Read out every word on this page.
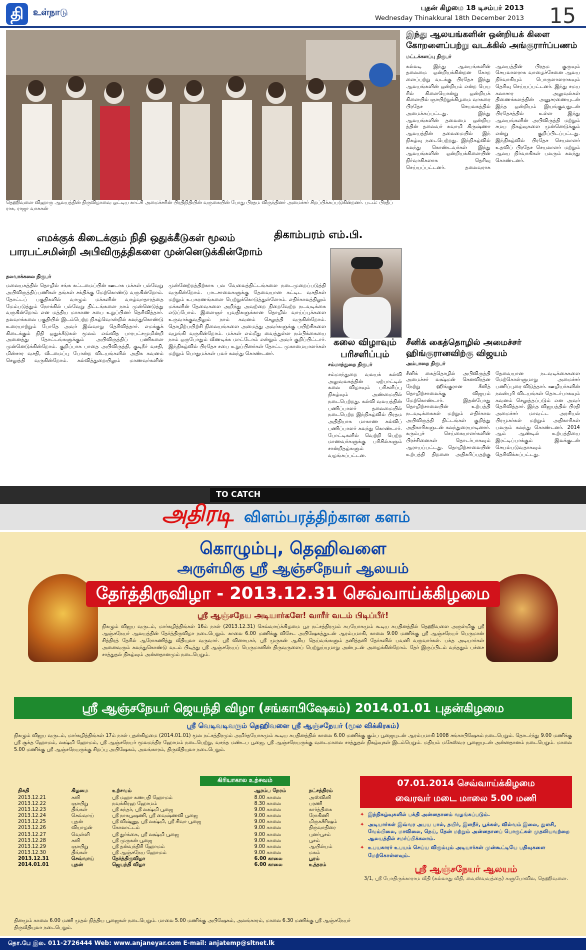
தி	உள்நாடு	புதன் கிழமை 18 டிசம்பர் 2013
Wednesday Thinakkural 18th December 2013 15
தெஹிவளை விஹாரு ஆலயத்தின் திருவிழாவை ஓட்டிய காட்சி அமைச்சரின் பிரதிநிதியின் வருகையின் போது பிரதம விருந்தினர் அமைச்சர் சிறப்பிக்கப்படுகின்றனர். படம்: பிரதீப் ராசு, ராஜா வாசுகன்
இந்து ஆலயங்களின் ஒன்றியக் கிளை கோறளைப்பற்று வடக்கில் அங்குரார்ப்பணம்
மட்டக்களப்பு நிருபர்
கல்லடி இந்து ஆலயங்களின் தலைமை ஒன்றியக்கின்றன கோற ளைப்பற்று வடக்கு பிரதேச இந்து ஆலயங்களின் ஒன்றியம் என்ற பெய ரில் கிளையொன்று ஒன்றியக் கிளையில் ஞாயிற்றுக்கிழமை வாகரை பிரதேச செயலகத்தில் அமைக்கப்பட்டது. இந்து ஆலயங்களின் தலைமை ஒன்றிய த்தின் தலைவர் சுவாமி கிருஷ்ணா ஆலயத்தின் தலைமையில் இந் நிகழ்வு நடைபெற்றது. இந்நிகழ்வில் கலந்து கொண்டவர்கள் இந்து ஆலயங்களின் ஒன்றியக்கிளையின் நிர்வாகிகளாக தெரிவு செய்யப்பட்டனர். தலைவராக ஆலயத்தின் பிரதம குருவும் செயலாளராக வாழைச்சேனை ஆலய நிர்வாகியும் பொருளாளராகவும் தெரிவு செய்யப்பட்டனர். இந்து சமய கலாசார அலுவல்கள் திணைக்களத்தின் அனுசரணையுடன் இந்த ஒன்றியம் இயங்குவதுடன் பிரதேசத்தில் உள்ள இந்து ஆலயங்களின் அபிவிருத்தி மற்றும் சமய நிகழ்வுகளை முன்னெடுக்கும் என்று குறிப்பிடப்பட்டது. இந்நிகழ்வில் பிரதேச செயலாளர் உதவிப் பிரதேச செயலாளர் மற்றும் ஆலய நிர்வாகிகள் பலரும் கலந்து கொண்டனர்.
எமக்குக் கிடைக்கும் நிதி ஒதுக்கீடுகள் மூலம் பாரபட்சமின்றி அபிவிருத்திகளை முன்னெடுக்கின்றோம்
திகாம்பரம் எம்.பி.
தலவாக்கலை நிருபர்
மலையகத்தில் தொழில் சங்க கட்டமைப்பின் ஊடாக மக்கள் பல்வேறு அபிவிருத்திப்பணிகள் தங்கள் சக்திக்கு மேற்கொண்டு வருகின்றோம். தோட்டப் பகுதிகளில் வாழும் மக்களின் வாழ்வாதாரத்தை மேம்படுத்தும் நோக்கில் பல்வேறு திட்டங்களை நாம் முன்னெடுத்து வருகின்றோம் என மத்திய மாகாண சபை உறுப்பினர் தெரிவித்தார். தலவாக்கலை பகுதியில் இடம்பெற்ற நிகழ்வொன்றில் கலந்துகொண்டு உரையாற்றும் போதே அவர் இவ்வாறு தெரிவித்தார். எமக்குக் கிடைக்கும் நிதி ஒதுக்கீடுகள் மூலம் எவ்வித பாரபட்சமுமின்றி அனைத்து தோட்டங்களுக்கும் அபிவிருத்திப் பணிகளை முன்னெடுக்கின்றோம். குறிப்பாக பாதை அபிவிருத்தி, குடிநீர் வசதி, மின்சார வசதி, வீடமைப்பு போன்ற விடயங்களில் அதிக கவனம் செலுத்தி வருகின்றோம். கல்வித்துறையிலும் மாணவர்களின் முன்னேற்றத்திற்காக பல வேலைத்திட்டங்களை நடைமுறைப்படுத்தி வருகின்றோம். பாடசாலைகளுக்கு தேவையான கட்டிட வசதிகள் மற்றும் உபகரணங்களை பெற்றுக்கொடுத்துள்ளோம். எதிர்காலத்திலும் மக்களின் தேவைகளை அறிந்து அவற்றை நிறைவேற்ற நடவடிக்கை எடுப்போம். இளைஞர் யுவதிகளுக்கான தொழில் வாய்ப்புக்களை உருவாக்குவதிலும் நாம் கவனம் செலுத்தி வருகின்றோம். தொழிற்பயிற்சி நிலையங்களை அமைத்து அவர்களுக்கு பயிற்சிகளை வழங்கி வருகின்றோம். மக்கள் எம்மீது வைத்துள்ள நம்பிக்கையை நாம் ஒருபோதும் வீணடிக்க மாட்டோம் என்றும் அவர் குறிப்பிட்டார். இந்நிகழ்வில் பிரதேச சபை உறுப்பினர்கள் தோட்ட முகாமையாளர்கள் மற்றும் பொதுமக்கள் பலர் கலந்து கொண்டனர்.
கலை விழாவும் பரிசளிப்பும்
சம்மாந்துறை நிருபர்
சம்மாந்துறை வலயக் கல்வி அலுவலகத்தின் ஏற்பாட்டில் கலை விழாவும் பரிசளிப்பு நிகழ்வும் அண்மையில் நடைபெற்றது. கல்வி வலயத்தின் பணிப்பாளர் தலைமையில் நடைபெற்ற இந்நிகழ்வில் பிரதம அதிதியாக மாகாண கல்விப் பணிப்பாளர் கலந்து கொண்டார். போட்டிகளில் வெற்றி பெற்ற மாணவர்களுக்கு பரிசில்களும் சான்றிதழ்களும் வழங்கப்பட்டன.
சீனிக் கைத்தொழில் அமைச்சர் ஹிங்குரானவிற்கு விஜயம்
அம்பாறை நிருபர்
சீனிக் கைத்தொழில் அபிவிருத்தி அமைச்சர் லக்ஷ்மன் செனவிரத்ன நேற்று ஹிங்குரான சீனித் தொழிற்சாலைக்கு விஜயம் மேற்கொண்டார். இதன்போது தொழிற்சாலையின் உற்பத்தி நடவடிக்கைகள் மற்றும் எதிர்கால அபிவிருத்தி திட்டங்கள் குறித்து அதிகாரிகளுடன் கலந்துரையாடினார். கரும்புச் செய்கையாளர்களின் பிரச்சினைகள் தொடர்பாகவும் ஆராயப்பட்டது. தொழிற்சாலையின் உற்பத்தி திறனை அதிகரிப்பதற்கு தேவையான நடவடிக்கைகளை மேற்கொள்ளுமாறு அமைச்சர் பணிப்புரை விடுத்தார். ஊழியர்களின் நலன்புரி விடயங்கள் தொடர்பாகவும் கவனம் செலுத்தப்படும் என அவர் தெரிவித்தார். இந்த விஜயத்தில் பிரதி அமைச்சர் மாவட்ட அரசியல் பிரமுகர்கள் மற்றும் அதிகாரிகள் பலரும் கலந்து கொண்டனர். 2014 ஆம் ஆண்டில் உற்பத்தியை இரட்டிப்பாக்கும் இலக்குடன் செயல்படுவதாகவும் தெரிவிக்கப்பட்டது.
TO CATCH
அதிரடி விளம்பரத்திற்கான களம்
கொழும்பு, தெஹிவளை
அருள்மிகு ஸ்ரீ ஆஞ்சநேயர் ஆலயம்
தேர்த்திருவிழா - 2013.12.31 செவ்வாய்க்கிழமை
ஸ்ரீ ஆஞ்சநேய அடியார்களே! வாரீர் வடம் பிடிப்பீர்!
நிகழும் விஜய வருடம், மார்கழித்திங்கள் 16ம் நாள் (2013.12.31) செவ்வாய்க்கிழமை பூர நட்சத்திரமும் சுபயோகமும் கூடிய சுபதினத்தில் தெஹிவளை அருள்மிகு ஸ்ரீ ஆஞ்சநேயர் ஆலயத்தின் தேர்த்திருவிழா நடைபெறும். காலை 6.00 மணிக்கு விசேட அபிஷேகத்துடன் ஆரம்பமாகி, காலை 9.00 மணிக்கு ஸ்ரீ ஆஞ்சநேயர் பெருமான் சித்திரத் தேரில் ஆரோகணித்து வீதியுலா வருவார். ஸ்ரீ வினாயகர், ஸ்ரீ முருகன் ஆகிய தெய்வங்களும் தனித்தனி தேர்களில் பவனி வருவார்கள். பக்த அடியார்கள் அனைவரும் கலந்துகொண்டு வடம் பிடித்து ஸ்ரீ ஆஞ்சநேயப் பெருமானின் திருவருளைப் பெற்றுய்யுமாறு அன்புடன் அழைக்கின்றோம். தேர் இருப்பிடம் வந்ததும் பச்சை சாத்துதல் நிகழ்வும் அன்னதானமும் நடைபெறும்.
ஸ்ரீ ஆஞ்சநேயர் ஜெயந்தி விழா (சங்காபிஷேகம்) 2014.01.01 புதன்கிழமை
ஸ்ரீ வெடிவடிவரும் தெஹிவளை ஸ்ரீ ஆஞ்சநேயர் (மூல விக்கிரகம்)
நிகழும் விஜய வருடம், மார்கழித்திங்கள் 17ம் நாள் புதன்கிழமை (2014.01.01) மூல நட்சத்திரமும் அமிர்தயோகமும் கூடிய சுபதினத்தில் காலை 6.00 மணிக்கு கும்ப பூஜையுடன் ஆரம்பமாகி 1008 சங்காபிஷேகம் நடைபெறும். தொடர்ந்து 9.00 மணிக்கு ஸ்ரீ சூக்த ஹோமம், லக்ஷ்மி ஹோமம், ஸ்ரீ ஆஞ்சநேயர் மூலமந்திர ஹோமம் நடைபெற்று, வசந்த மண்டப பூஜை, ஸ்ரீ ஆஞ்சநேயருக்கு வடைமாலை சாத்துதல் நிகழ்வுகள் இடம்பெறும். மதியம் மகேஸ்வர பூஜையுடன் அன்னதானம் நடைபெறும். மாலை 5.00 மணிக்கு ஸ்ரீ ஆஞ்சநேயருக்கு சிறப்பு அபிஷேகம், அலங்காரம், திருவீதியுலா நடைபெறும்.
கிரியாகால உற்சவம்
திகதி	கிழமை	உற்சவம்	ஆரம்ப நேரம்	நட்சத்திரம்
2013.12.21	சனி	ஸ்ரீ மஹா கணபதி ஹோமம்	8.00 காலை	அஸ்வினி
2013.12.22	ஞாயிறு	நவக்கிரஹ ஹோமம்	8.30 காலை	பரணி
2013.12.23	திங்கள்	ஸ்ரீ கந்தர், ஸ்ரீ லக்ஷ்மி பூஜை	9.00 காலை	கார்த்திகை
2013.12.24	செவ்வாய்	ஸ்ரீ நாகபூஷணி, ஸ்ரீ வைஷ்ணவி பூஜை	9.00 காலை	ரோகிணி
2013.12.25	புதன்	ஸ்ரீ விஷ்ணு, ஸ்ரீ லக்ஷ்மி, ஸ்ரீ சிவா பூஜை	9.00 காலை	மிருகசீரிஷம்
2013.12.26	வியாழன்	கோலாட்டம்	9.00 காலை	திருவாதிரை
2013.12.27	வெள்ளி	ஸ்ரீ துர்க்கை, ஸ்ரீ லக்ஷ்மி பூஜை	9.00 காலை	புனர்பூசம்
2013.12.28	சனி	ஸ்ரீ முருகன் பூஜை	9.00 காலை	பூசம்
2013.12.29	ஞாயிறு	ஸ்ரீ தன்வந்திரி ஹோமம்	9.00 காலை	ஆயில்யம்
2013.12.30	திங்கள்	ஸ்ரீ ஆஞ்சநேய ஹோமம்	9.00 காலை	மகம்
2013.12.31	செவ்வாய்	தேர்த்திருவிழா	6.00 காலை	பூரம்
2014.01.01	புதன்	ஜெயந்தி விழா	6.00 காலை	உத்தரம்
தினமும் காலை 6.00 மணி முதல் நித்திய பூஜைகள் நடைபெறும். மாலை 5.00 மணிக்கு அபிஷேகம், அலங்காரம், மாலை 6.30 மணிக்கு ஸ்ரீ ஆஞ்சநேயர் திருவீதியுலா நடைபெறும்.
07.01.2014 செவ்வாய்க்கிழமை
வைரவர் மடை மாலை 5.00 மணி
✦ இந்நிகழ்வுகளில் பக்தி அன்னதானம் வழங்கப்படும்.
✦ அடியார்கள் இவ்வர அபய பால், தயிர், இளநீர், பூக்கள், வில்வம் இலை, துளசி, வேம்பிலை, மாவிலை, நெய், தேன் மற்றும் அன்னதானப் பொருட்கள் முதலியவற்றை ஆலயத்தில் சமர்ப்பிக்கலாம்.
✦ உபயகாரர் உபயம் செய்ய விரும்பும் அடியார்கள் முன்கூட்டியே பதிவுகளை மேற்கொள்ளவும்.
ஸ்ரீ ஆஞ்சநேயர் ஆலயம்
3/1, ஸ்ரீ போதிருக்காராம வீதி (கல்லாது வீதி, வைஸ்வவத்தை) களுபோவில, தெஹிவளை.
தொ.பே இல. 011-2726444 Web: www.anjaneyar.com E-mail: anjatemp@sltnet.lk
